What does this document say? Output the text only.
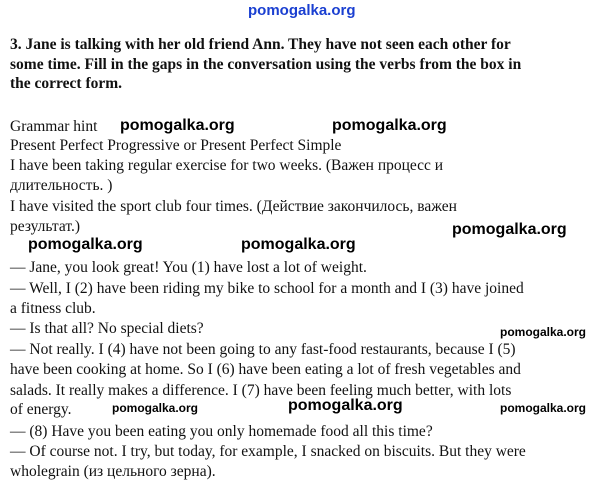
pomogalka.org
3. Jane is talking with her old friend Ann. They have not seen each other for
some time. Fill in the gaps in the conversation using the verbs from the box in
the correct form.
Grammar hint	pomogalka.org	pomogalka.org
Present Perfect Progressive or Present Perfect Simple
I have been taking regular exercise for two weeks. (Важен процесс и
длительность. )
I have visited the sport club four times. (Действие закончилось, важен
результат.)	pomogalka.org
pomogalka.org	pomogalka.org
— Jane, you look great! You (1) have lost a lot of weight.
— Well, I (2) have been riding my bike to school for a month and I (3) have joined
a fitness club.
— Is that all? No special diets?	pomogalka.org
— Not really. I (4) have not been going to any fast-food restaurants, because I (5)
have been cooking at home. So I (6) have been eating a lot of fresh vegetables and
salads. It really makes a difference. I (7) have been feeling much better, with lots
of energy.	pomogalka.org	pomogalka.org	pomogalka.org
— (8) Have you been eating you only homemade food all this time?
— Of course not. I try, but today, for example, I snacked on biscuits. But they were
wholegrain (из цельного зерна).
